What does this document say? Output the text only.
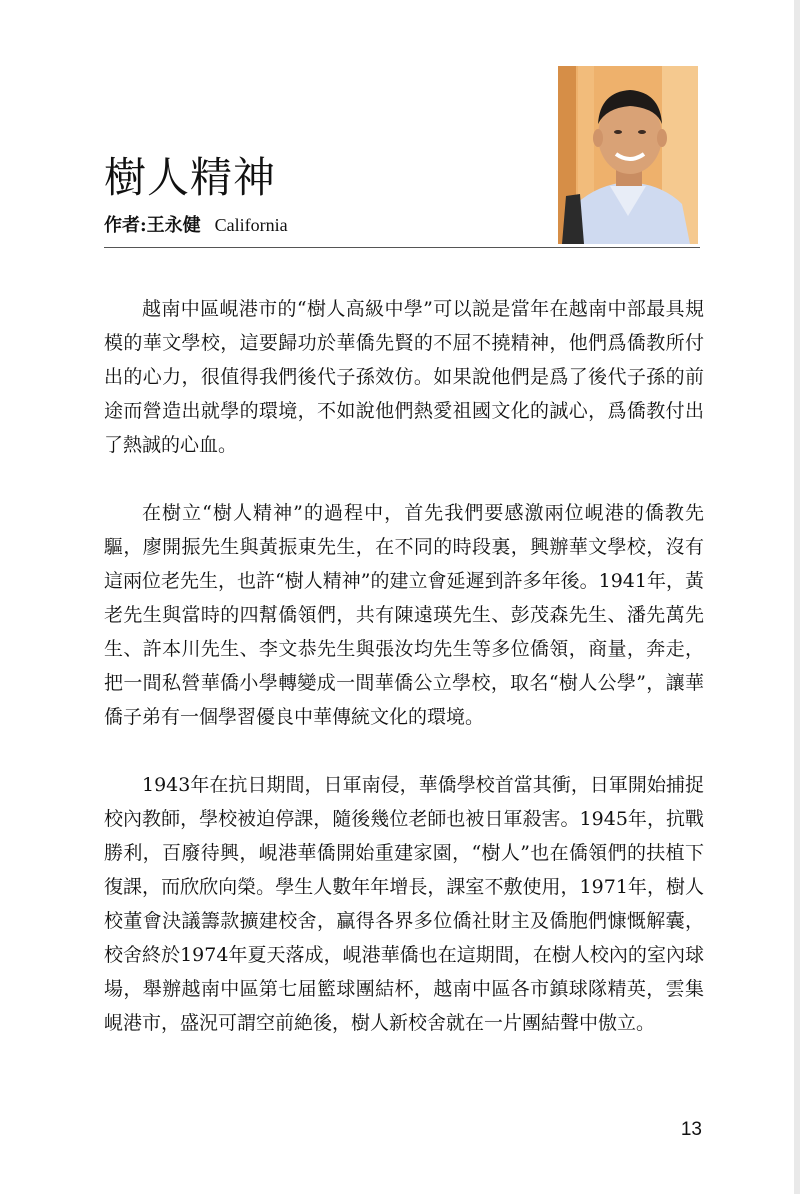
樹人精神
作者:王永健 California

越南中區峴港市的“樹人高級中學”可以説是當年在越南中部最具規模的華文學校，這要歸功於華僑先賢的不屈不撓精神，他們爲僑教所付出的心力，很值得我們後代子孫效仿。如果說他們是爲了後代子孫的前途而營造出就學的環境，不如說他們熱愛祖國文化的誠心，爲僑教付出了熱誠的心血。

在樹立“樹人精神”的過程中，首先我們要感激兩位峴港的僑教先驅，廖開振先生與黃振東先生，在不同的時段裏，興辦華文學校，沒有這兩位老先生，也許“樹人精神”的建立會延遲到許多年後。1941年，黃老先生與當時的四幫僑領們，共有陳遠瑛先生、彭茂森先生、潘先萬先生、許本川先生、李文恭先生與張汝均先生等多位僑領，商量，奔走，把一間私營華僑小學轉變成一間華僑公立學校，取名“樹人公學”，讓華僑子弟有一個學習優良中華傳統文化的環境。

1943年在抗日期間，日軍南侵，華僑學校首當其衝，日軍開始捕捉校內教師，學校被迫停課，隨後幾位老師也被日軍殺害。1945年，抗戰勝利，百廢待興，峴港華僑開始重建家園，“樹人”也在僑領們的扶植下復課，而欣欣向榮。學生人數年年增長，課室不敷使用，1971年，樹人校董會決議籌款擴建校舍，贏得各界多位僑社財主及僑胞們慷慨解囊，校舍終於1974年夏天落成，峴港華僑也在這期間，在樹人校內的室內球場，舉辦越南中區第七届籃球團結杯，越南中區各市鎮球隊精英，雲集峴港市，盛況可謂空前絶後，樹人新校舍就在一片團結聲中傲立。

13
